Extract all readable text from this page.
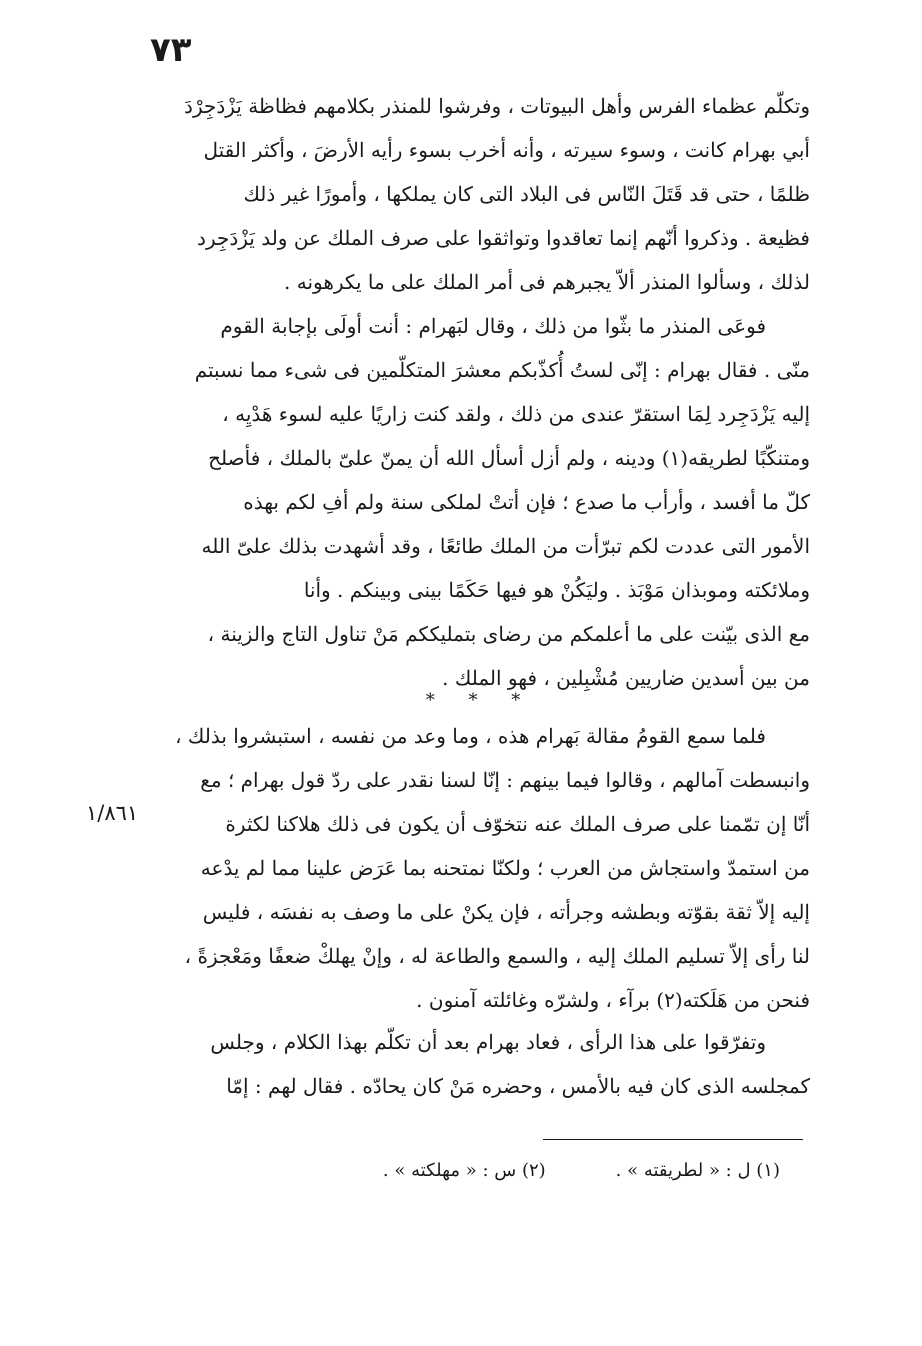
٧٣
١/٨٦١
وتكلّم عظماء الفرس وأهل البيوتات ، وفرشوا للمنذر بكلامهم فظاظة يَزْدَجِرْدَ
أبي بهرام كانت ، وسوء سيرته ، وأنه أخرب بسوء رأيه الأرضَ ، وأكثر القتل
ظلمًا ، حتى قد قَتَلَ النّاس فى البلاد التى كان يملكها ، وأمورًا غير ذلك
فظيعة . وذكروا أنّهم إنما تعاقدوا وتواثقوا على صرف الملك عن ولد يَزْدَجِرد
لذلك ، وسألوا المنذر ألاّ يجبرهم فى أمر الملك على ما يكرهونه .
فوعَى المنذر ما بثّوا من ذلك ، وقال لبَهرام : أنت أولَى بإجابة القوم
منّى . فقال بهرام : إنّى لستُ أُكذّبكم معشرَ المتكلّمين فى شىء مما نسبتم
إليه يَزْدَجِرد لِمَا استقرّ عندى من ذلك ، ولقد كنت زاريًا عليه لسوء هَدْيِه ،
ومتنكّبًا لطريقه(١) ودينه ، ولم أزل أسأل الله أن يمنّ علىّ بالملك ، فأصلح
كلّ ما أفسد ، وأرأب ما صدع ؛ فإن أتتْ لملكى سنة ولم أفِ لكم بهذه
الأمور التى عددت لكم تبرّأت من الملك طائعًا ، وقد أشهدت بذلك علىّ الله
وملائكته وموبذان مَوْبَذ . وليَكُنْ هو فيها حَكَمًا بينى وبينكم . وأنا
مع الذى بيّنت على ما أعلمكم من رضاى بتمليككم مَنْ تناول التاج والزينة ،
من بين أسدين ضاريين مُشْبِلين ، فهو الملك .
* * *
فلما سمع القومُ مقالة بَهرام هذه ، وما وعد من نفسه ، استبشروا بذلك ،
وانبسطت آمالهم ، وقالوا فيما بينهم : إنّا لسنا نقدر على ردّ قول بهرام ؛ مع
أنّا إن تمّمنا على صرف الملك عنه نتخوّف أن يكون فى ذلك هلاكنا لكثرة
من استمدّ واستجاش من العرب ؛ ولكنّا نمتحنه بما عَرَض علينا مما لم يدْعه
إليه إلاّ ثقة بقوّته وبطشه وجرأته ، فإن يكنْ على ما وصف به نفسَه ، فليس
لنا رأى إلاّ تسليم الملك إليه ، والسمع والطاعة له ، وإنْ يهلكْ ضعفًا ومَعْجزةً ،
فنحن من هَلَكته(٢) برآء ، ولشرّه وغائلته آمنون .
وتفرّقوا على هذا الرأى ، فعاد بهرام بعد أن تكلّم بهذا الكلام ، وجلس
كمجلسه الذى كان فيه بالأمس ، وحضره مَنْ كان يحادّه . فقال لهم : إمّا
(١) ل : « لطريقته » .
(٢) س : « مهلكته » .
